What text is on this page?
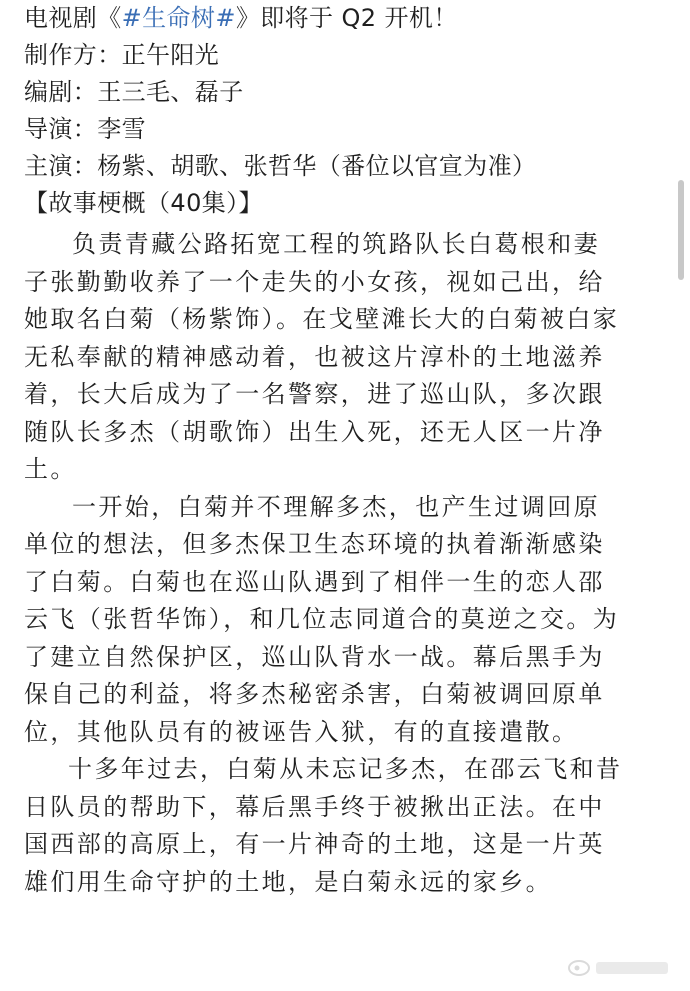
电视剧《#生命树#》即将于 Q2 开机！
制作方：正午阳光
编剧：王三毛、磊子
导演：李雪
主演：杨紫、胡歌、张哲华（番位以官宣为准）
【故事梗概（40集）】
负责青藏公路拓宽工程的筑路队长白葛根和妻
子张勤勤收养了一个走失的小女孩，视如己出，给
她取名白菊（杨紫饰）。在戈壁滩长大的白菊被白家
无私奉献的精神感动着，也被这片淳朴的土地滋养
着，长大后成为了一名警察，进了巡山队，多次跟
随队长多杰（胡歌饰）出生入死，还无人区一片净
土。
一开始，白菊并不理解多杰，也产生过调回原
单位的想法，但多杰保卫生态环境的执着渐渐感染
了白菊。白菊也在巡山队遇到了相伴一生的恋人邵
云飞（张哲华饰），和几位志同道合的莫逆之交。为
了建立自然保护区，巡山队背水一战。幕后黑手为
保自己的利益，将多杰秘密杀害，白菊被调回原单
位，其他队员有的被诬告入狱，有的直接遣散。
十多年过去，白菊从未忘记多杰，在邵云飞和昔
日队员的帮助下，幕后黑手终于被揪出正法。在中
国西部的高原上，有一片神奇的土地，这是一片英
雄们用生命守护的土地，是白菊永远的家乡。
